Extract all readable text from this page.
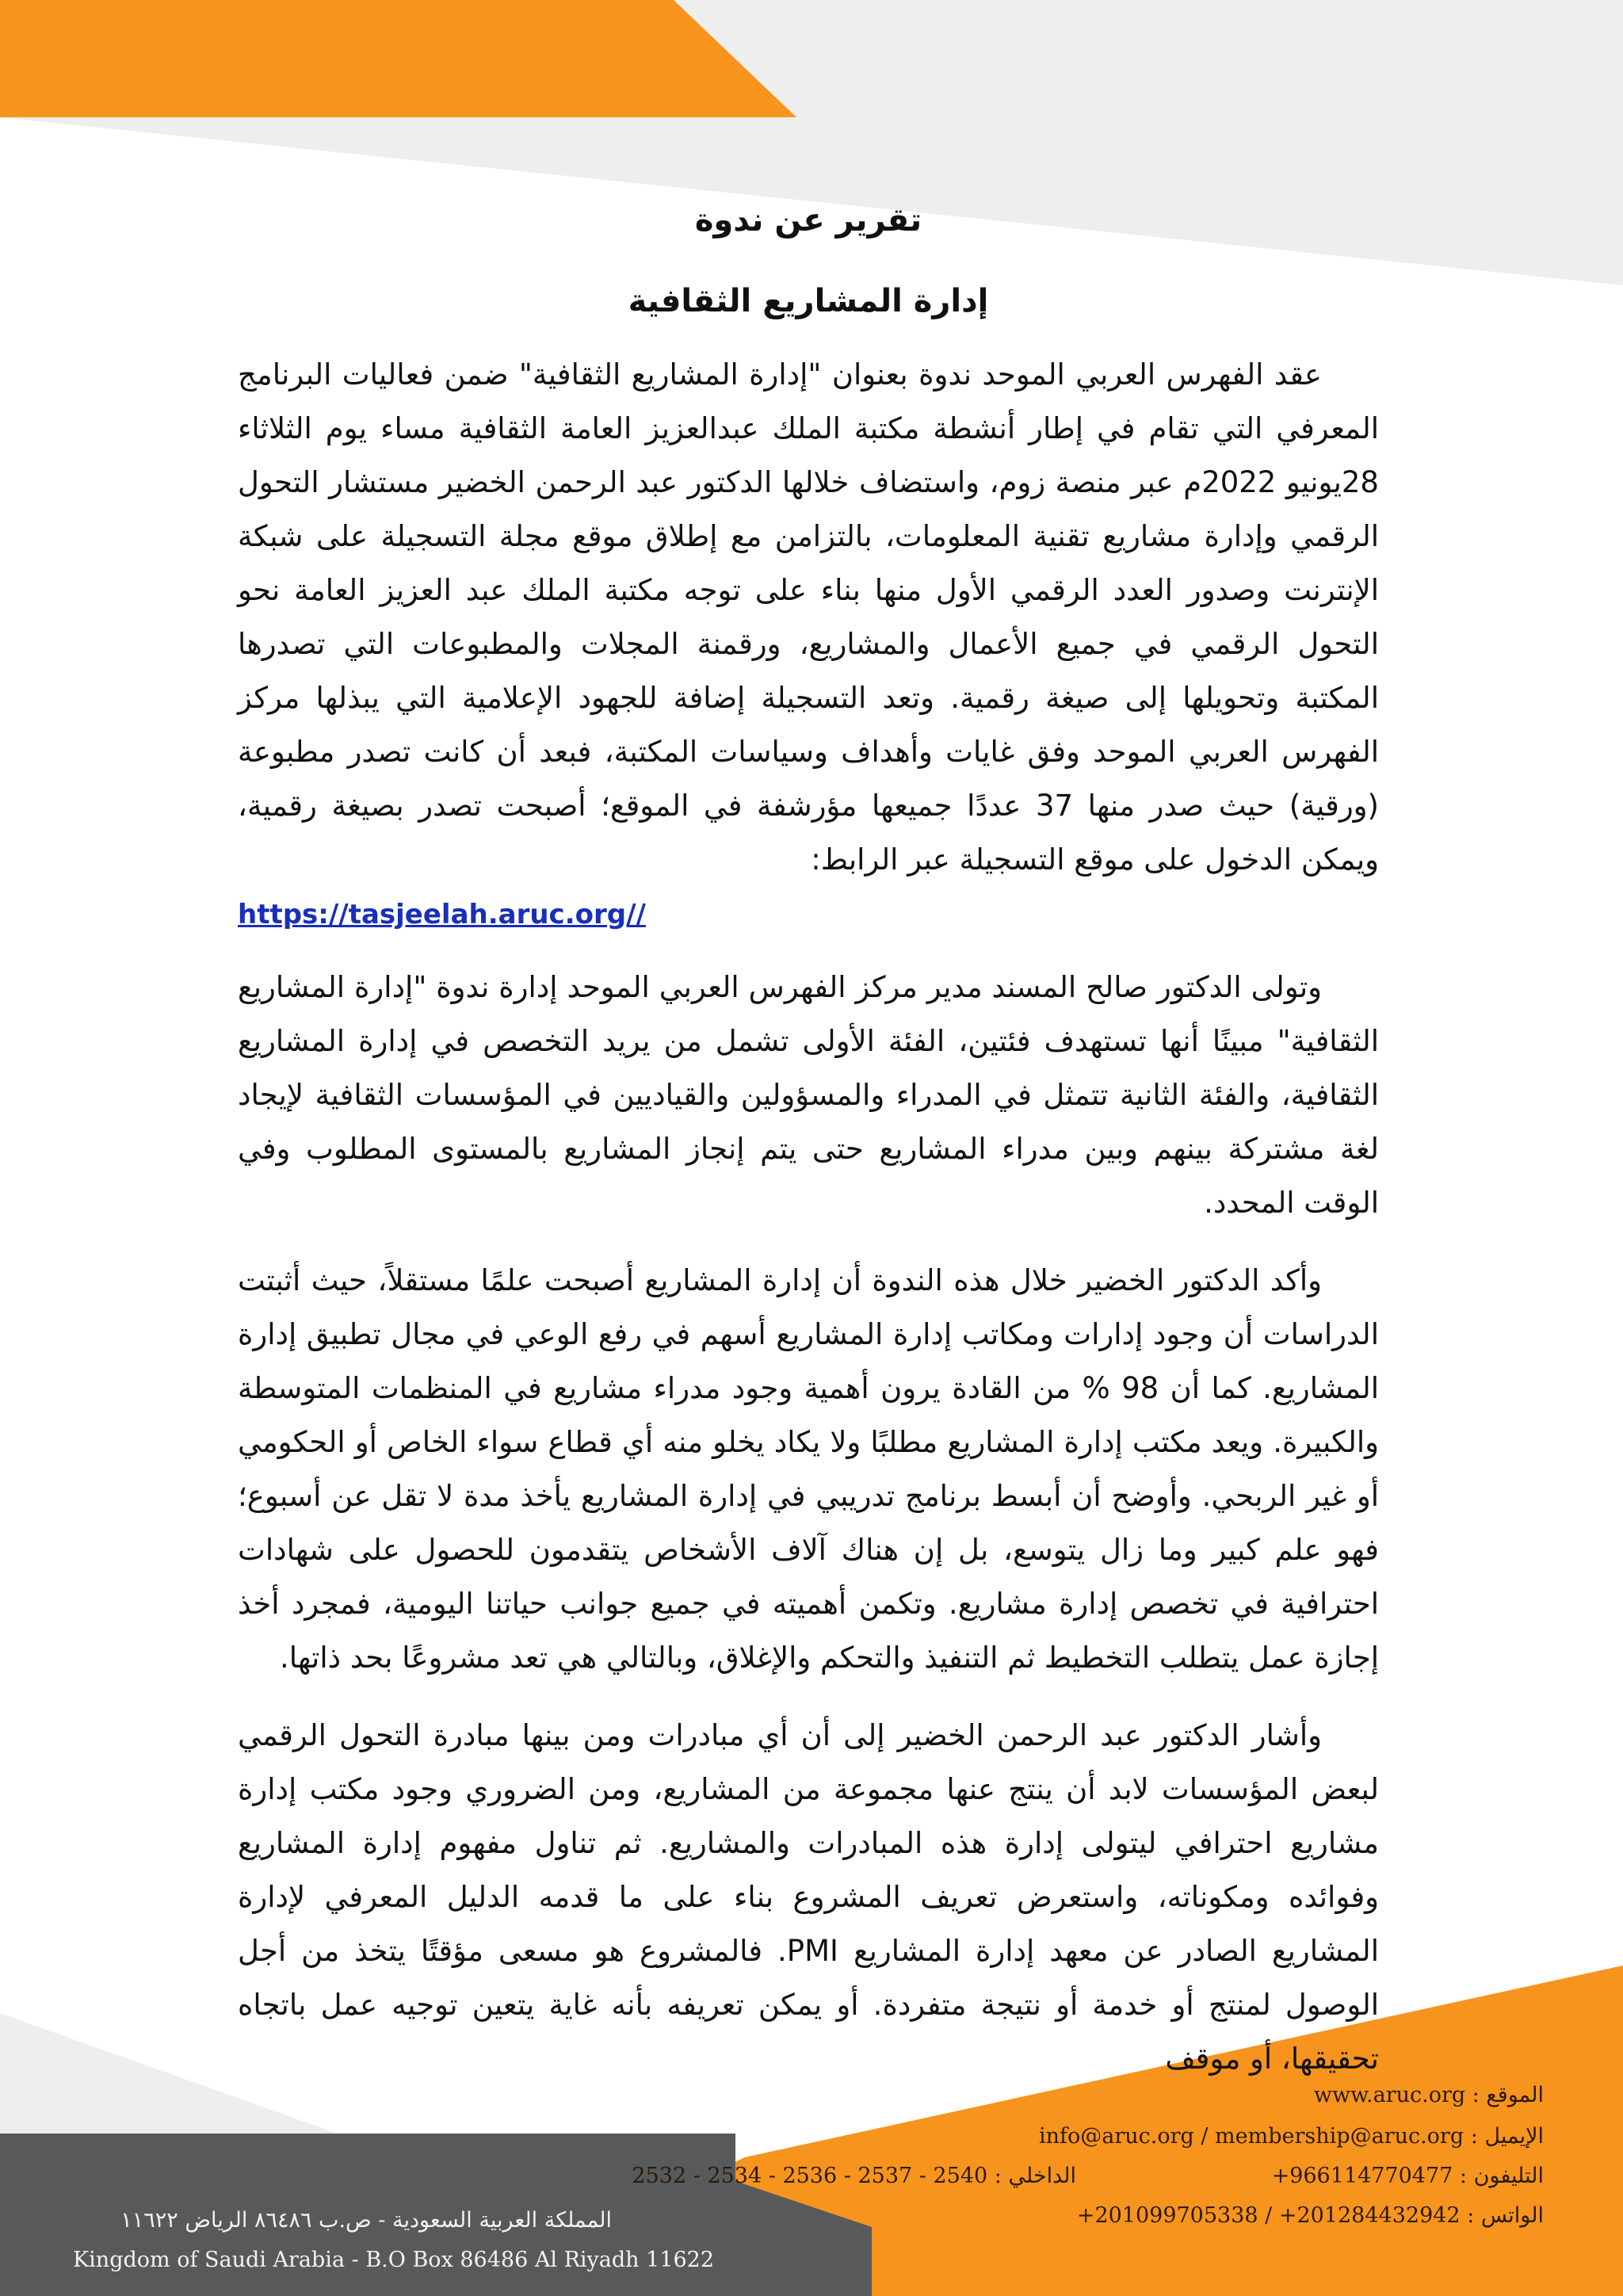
تقرير عن ندوة
إدارة المشاريع الثقافية

عقد الفهرس العربي الموحد ندوة بعنوان "إدارة المشاريع الثقافية" ضمن فعاليات البرنامج المعرفي التي تقام في إطار أنشطة مكتبة الملك عبدالعزيز العامة الثقافية مساء يوم الثلاثاء 28يونيو 2022م عبر منصة زوم، واستضاف خلالها الدكتور عبد الرحمن الخضير مستشار التحول الرقمي وإدارة مشاريع تقنية المعلومات، بالتزامن مع إطلاق موقع مجلة التسجيلة على شبكة الإنترنت وصدور العدد الرقمي الأول منها بناء على توجه مكتبة الملك عبد العزيز العامة نحو التحول الرقمي في جميع الأعمال والمشاريع، ورقمنة المجلات والمطبوعات التي تصدرها المكتبة وتحويلها إلى صيغة رقمية. وتعد التسجيلة إضافة للجهود الإعلامية التي يبذلها مركز الفهرس العربي الموحد وفق غايات وأهداف وسياسات المكتبة، فبعد أن كانت تصدر مطبوعة (ورقية) حيث صدر منها 37 عددًا جميعها مؤرشفة في الموقع؛ أصبحت تصدر بصيغة رقمية، ويمكن الدخول على موقع التسجيلة عبر الرابط:

https://tasjeelah.aruc.org//

وتولى الدكتور صالح المسند مدير مركز الفهرس العربي الموحد إدارة ندوة "إدارة المشاريع الثقافية" مبينًا أنها تستهدف فئتين، الفئة الأولى تشمل من يريد التخصص في إدارة المشاريع الثقافية، والفئة الثانية تتمثل في المدراء والمسؤولين والقياديين في المؤسسات الثقافية لإيجاد لغة مشتركة بينهم وبين مدراء المشاريع حتى يتم إنجاز المشاريع بالمستوى المطلوب وفي الوقت المحدد.

وأكد الدكتور الخضير خلال هذه الندوة أن إدارة المشاريع أصبحت علمًا مستقلاً، حيث أثبتت الدراسات أن وجود إدارات ومكاتب إدارة المشاريع أسهم في رفع الوعي في مجال تطبيق إدارة المشاريع. كما أن 98 % من القادة يرون أهمية وجود مدراء مشاريع في المنظمات المتوسطة والكبيرة. ويعد مكتب إدارة المشاريع مطلبًا ولا يكاد يخلو منه أي قطاع سواء الخاص أو الحكومي أو غير الربحي. وأوضح أن أبسط برنامج تدريبي في إدارة المشاريع يأخذ مدة لا تقل عن أسبوع؛ فهو علم كبير وما زال يتوسع، بل إن هناك آلاف الأشخاص يتقدمون للحصول على شهادات احترافية في تخصص إدارة مشاريع. وتكمن أهميته في جميع جوانب حياتنا اليومية، فمجرد أخذ إجازة عمل يتطلب التخطيط ثم التنفيذ والتحكم والإغلاق، وبالتالي هي تعد مشروعًا بحد ذاتها.

وأشار الدكتور عبد الرحمن الخضير إلى أن أي مبادرات ومن بينها مبادرة التحول الرقمي لبعض المؤسسات لابد أن ينتج عنها مجموعة من المشاريع، ومن الضروري وجود مكتب إدارة مشاريع احترافي ليتولى إدارة هذه المبادرات والمشاريع. ثم تناول مفهوم إدارة المشاريع وفوائده ومكوناته، واستعرض تعريف المشروع بناء على ما قدمه الدليل المعرفي لإدارة المشاريع الصادر عن معهد إدارة المشاريع PMI. فالمشروع هو مسعى مؤقتًا يتخذ من أجل الوصول لمنتج أو خدمة أو نتيجة متفردة. أو يمكن تعريفه بأنه غاية يتعين توجيه عمل باتجاه تحقيقها، أو موقف

الموقع : www.aruc.org
الإيميل : info@aruc.org / membership@aruc.org
التليفون : 966114770477+
الداخلي : 2540 - 2537 - 2536 - 2534 - 2532
الواتس : 201284432942+ / 201099705338+
المملكة العربية السعودية - ص.ب ٨٦٤٨٦ الرياض ١١٦٢٢
Kingdom of Saudi Arabia - B.O Box 86486 Al Riyadh 11622
